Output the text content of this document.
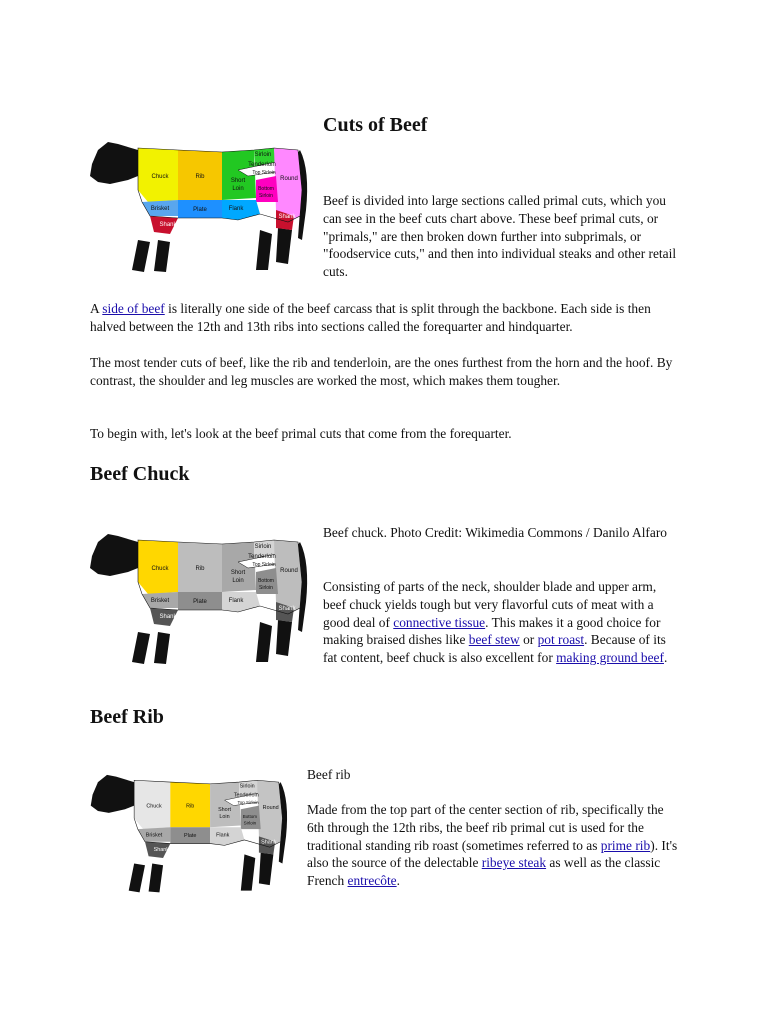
Chuck	Rib
Sirloin
Tenderloin
Top Sirloin
Short
Loin
Round
Bottom
Sirloin
Brisket	Plate	Flank
Shank
Shank
Cuts of Beef

Beef is divided into large sections called primal cuts, which you can see in the beef cuts chart above. These beef primal cuts, or "primals," are then broken down further into subprimals, or "foodservice cuts," and then into individual steaks and other retail cuts.

A side of beef is literally one side of the beef carcass that is split through the backbone. Each side is then halved between the 12th and 13th ribs into sections called the forequarter and hindquarter.

The most tender cuts of beef, like the rib and tenderloin, are the ones furthest from the horn and the hoof. By contrast, the shoulder and leg muscles are worked the most, which makes them tougher.

To begin with, let's look at the beef primal cuts that come from the forequarter.

Beef Chuck
Chuck	Rib
Sirloin
Tenderloin
Top Sirloin
Short
Loin
Round
Bottom
Sirloin
Brisket	Plate	Flank
Shank
Shank

Beef chuck. Photo Credit: Wikimedia Commons / Danilo Alfaro

Consisting of parts of the neck, shoulder blade and upper arm, beef chuck yields tough but very flavorful cuts of meat with a good deal of connective tissue. This makes it a good choice for making braised dishes like beef stew or pot roast. Because of its fat content, beef chuck is also excellent for making ground beef.
Beef Rib
Chuck	Rib
Sirloin
Tenderloin
Top Sirloin
Short
Loin
Round
Bottom
Sirloin
Brisket	Plate	Flank
Shank
Shank

Beef rib

Made from the top part of the center section of rib, specifically the 6th through the 12th ribs, the beef rib primal cut is used for the traditional standing rib roast (sometimes referred to as prime rib). It's also the source of the delectable ribeye steak as well as the classic French entrecôte.
